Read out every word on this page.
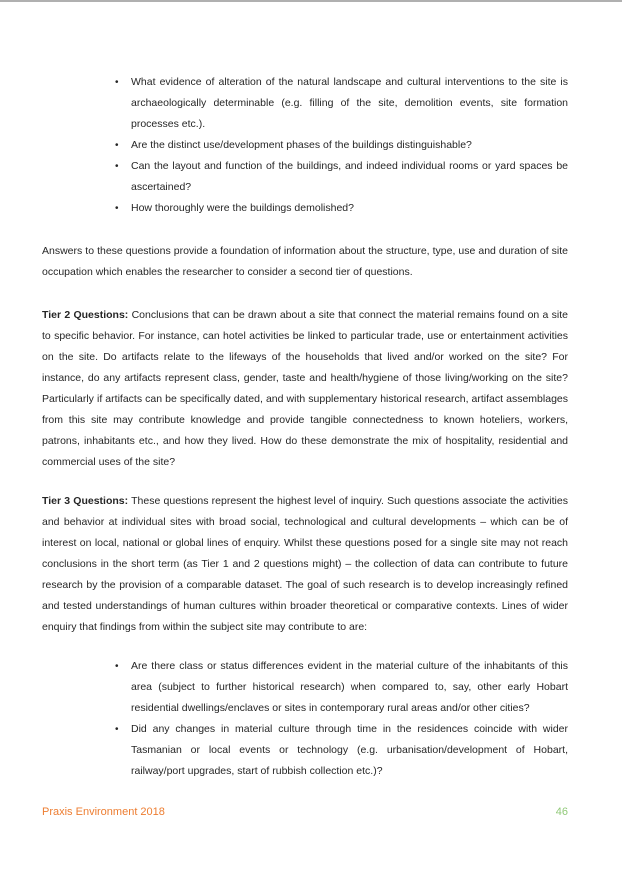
• What evidence of alteration of the natural landscape and cultural interventions to the site is archaeologically determinable (e.g. filling of the site, demolition events, site formation processes etc.).
• Are the distinct use/development phases of the buildings distinguishable?
• Can the layout and function of the buildings, and indeed individual rooms or yard spaces be ascertained?
• How thoroughly were the buildings demolished?

Answers to these questions provide a foundation of information about the structure, type, use and duration of site occupation which enables the researcher to consider a second tier of questions.

Tier 2 Questions: Conclusions that can be drawn about a site that connect the material remains found on a site to specific behavior. For instance, can hotel activities be linked to particular trade, use or entertainment activities on the site. Do artifacts relate to the lifeways of the households that lived and/or worked on the site? For instance, do any artifacts represent class, gender, taste and health/hygiene of those living/working on the site? Particularly if artifacts can be specifically dated, and with supplementary historical research, artifact assemblages from this site may contribute knowledge and provide tangible connectedness to known hoteliers, workers, patrons, inhabitants etc., and how they lived. How do these demonstrate the mix of hospitality, residential and commercial uses of the site?

Tier 3 Questions: These questions represent the highest level of inquiry. Such questions associate the activities and behavior at individual sites with broad social, technological and cultural developments – which can be of interest on local, national or global lines of enquiry. Whilst these questions posed for a single site may not reach conclusions in the short term (as Tier 1 and 2 questions might) – the collection of data can contribute to future research by the provision of a comparable dataset. The goal of such research is to develop increasingly refined and tested understandings of human cultures within broader theoretical or comparative contexts. Lines of wider enquiry that findings from within the subject site may contribute to are:

• Are there class or status differences evident in the material culture of the inhabitants of this area (subject to further historical research) when compared to, say, other early Hobart residential dwellings/enclaves or sites in contemporary rural areas and/or other cities?
• Did any changes in material culture through time in the residences coincide with wider Tasmanian or local events or technology (e.g. urbanisation/development of Hobart, railway/port upgrades, start of rubbish collection etc.)?
Praxis Environment 2018	46
